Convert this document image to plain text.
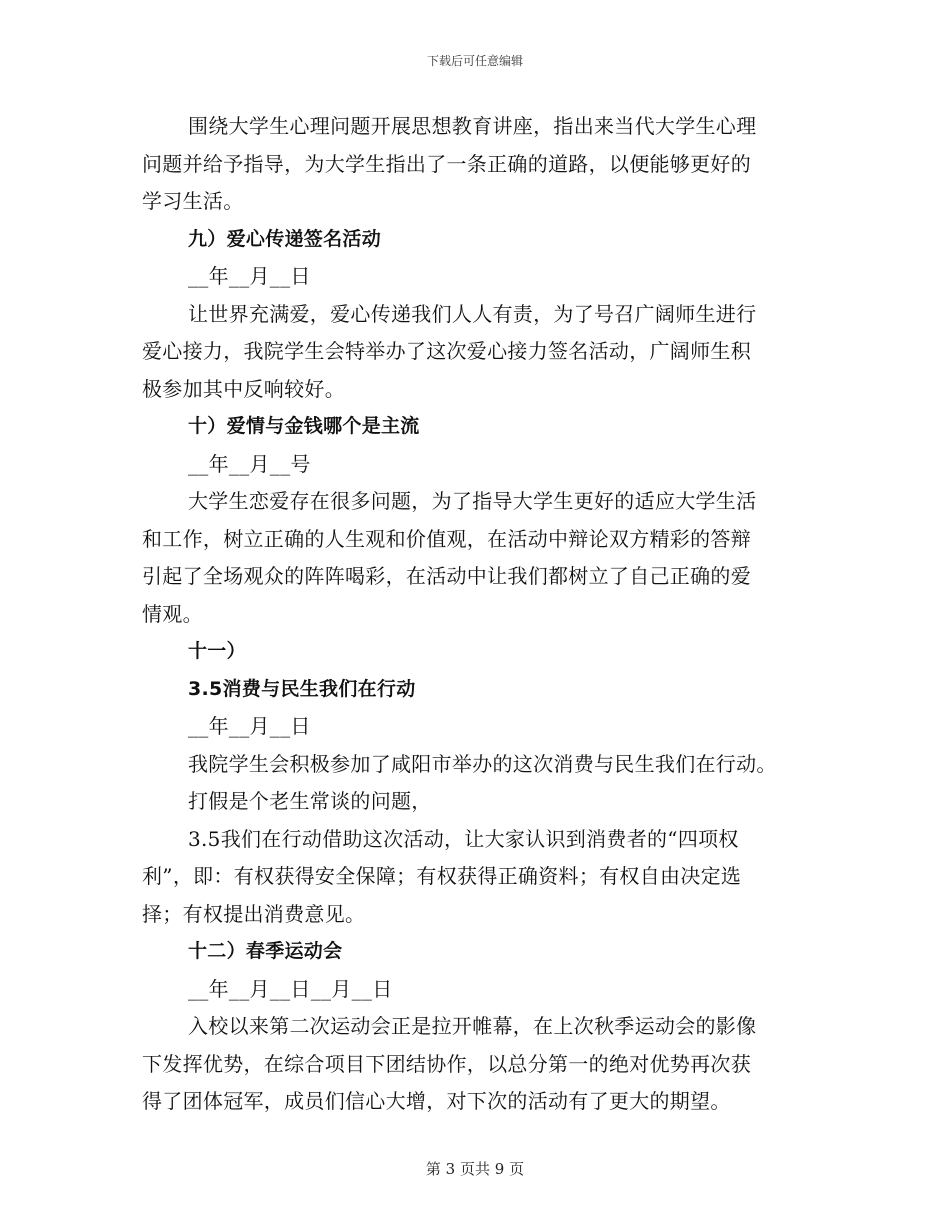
下载后可任意编辑
围绕大学生心理问题开展思想教育讲座，指出来当代大学生心理
问题并给予指导，为大学生指出了一条正确的道路，以便能够更好的
学习生活。
九）爱心传递签名活动
__年__月__日
让世界充满爱，爱心传递我们人人有责，为了号召广阔师生进行
爱心接力，我院学生会特举办了这次爱心接力签名活动，广阔师生积
极参加其中反响较好。
十）爱情与金钱哪个是主流
__年__月__号
大学生恋爱存在很多问题，为了指导大学生更好的适应大学生活
和工作，树立正确的人生观和价值观，在活动中辩论双方精彩的答辩
引起了全场观众的阵阵喝彩，在活动中让我们都树立了自己正确的爱
情观。
十一）
3.5消费与民生我们在行动
__年__月__日
我院学生会积极参加了咸阳市举办的这次消费与民生我们在行动。
打假是个老生常谈的问题，
3.5我们在行动借助这次活动，让大家认识到消费者的“四项权
利”，即：有权获得安全保障；有权获得正确资料；有权自由决定选
择；有权提出消费意见。
十二）春季运动会
__年__月__日__月__日
入校以来第二次运动会正是拉开帷幕，在上次秋季运动会的影像
下发挥优势，在综合项目下团结协作，以总分第一的绝对优势再次获
得了团体冠军，成员们信心大增，对下次的活动有了更大的期望。
第 3 页共 9 页
